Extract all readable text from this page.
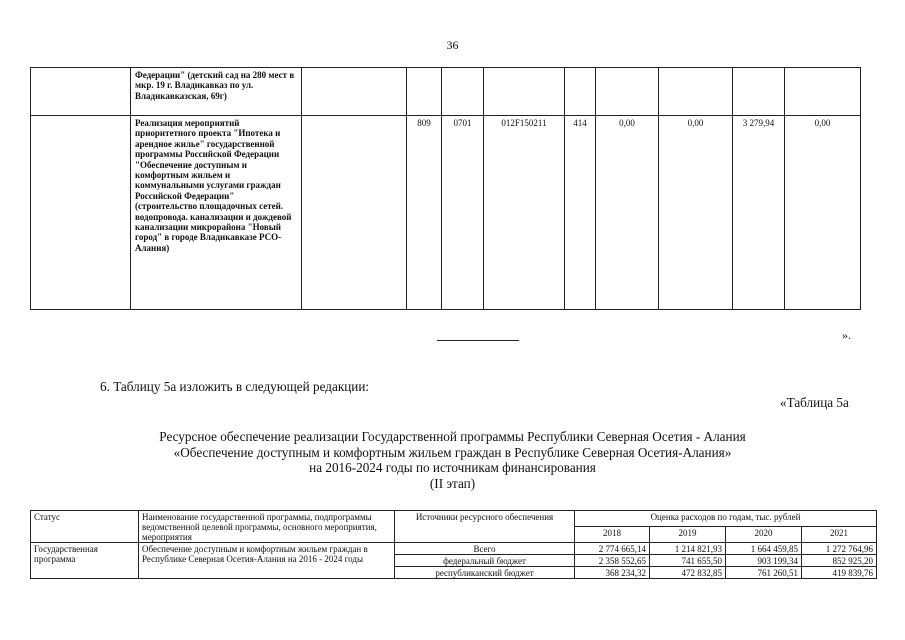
36
	Федерации" (детский сад на 280 мест в мкр. 19 г. Владикавказ по ул. Владикавказская, 69г)									
	Реализация мероприятий приоритетного проекта "Ипотека и арендное жилье" государственной программы Российской Федерации "Обеспечение доступным и комфортным жильем и коммунальными услугами граждан Российской Федерации" (строительство площадочных сетей. водопровода. канализации и дождевой канализации микрорайона "Новый город" в городе Владикавказе РСО-Алания)		809	0701	012F150211	414	0,00	0,00	3 279,94	0,00
».
6. Таблицу 5а изложить в следующей редакции:
«Таблица 5а
Ресурсное обеспечение реализации Государственной программы Республики Северная Осетия - Алания
«Обеспечение доступным и комфортным жильем граждан в Республике Северная Осетия-Алания»
на 2016-2024 годы по источникам финансирования
(II этап)
Статус	Наименование государственной программы, подпрограммы ведомственной целевой программы, основного мероприятия, мероприятия	Источники ресурсного обеспечения	Оценка расходов по годам, тыс. рублей			
			2018	2019	2020	2021
Государственная программа	Обеспечение доступным и комфортным жильем граждан в Республике Северная Осетия-Алания на 2016 - 2024 годы	Всего	2 774 665,14	1 214 821,93	1 664 459,85	1 272 764,96
		федеральный бюджет	2 358 552,65	741 655,50	903 199,34	852 925,20
		республиканский бюджет	368 234,32	472 832,85	761 260,51	419 839,76
